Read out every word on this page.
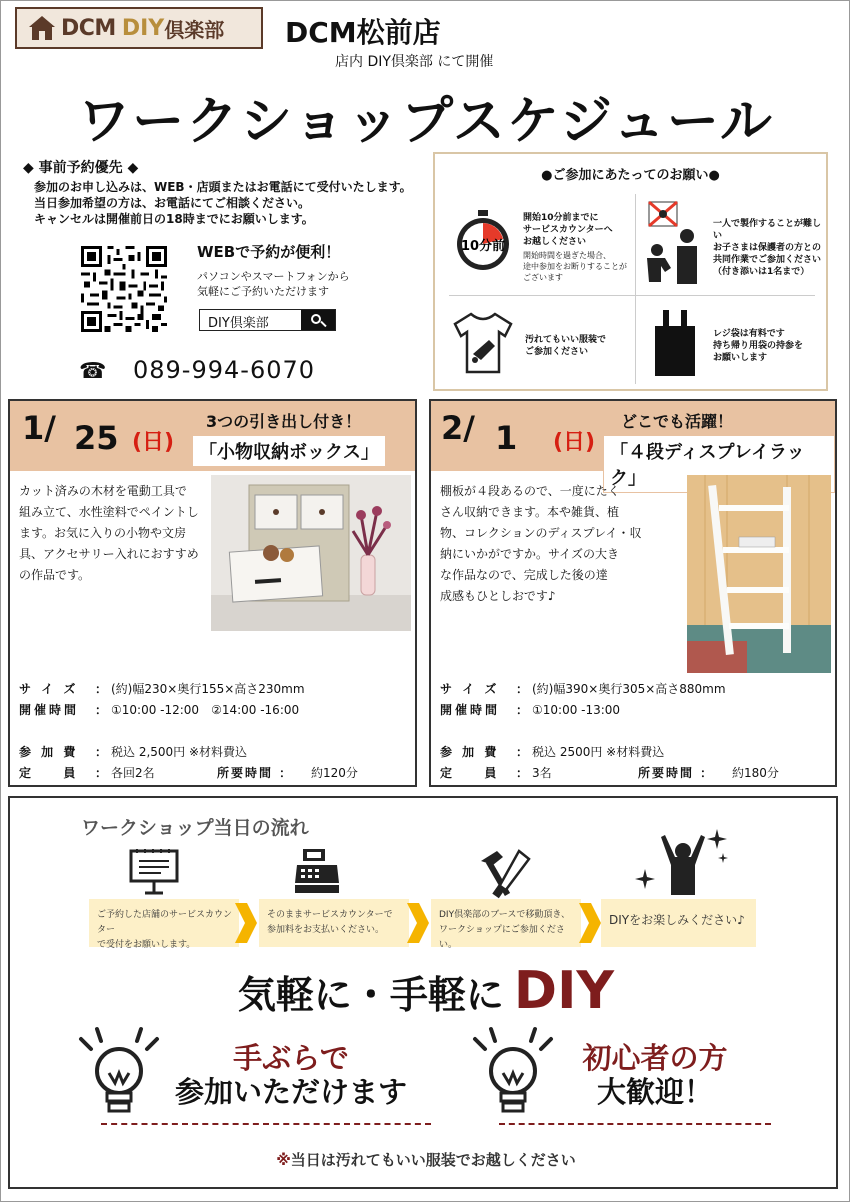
DCM DIY 倶楽部 DCM松前店
店内 DIY倶楽部 にて開催
ワークショップスケジュール
◆ 事前予約優先 ◆
参加のお申し込みは、WEB・店頭またはお電話にて受付いたします。
当日参加希望の方は、お電話にてご相談ください。
キャンセルは開催前日の18時までにお願いします。
WEBで予約が便利！
パソコンやスマートフォンから
気軽にご予約いただけます
DIY倶楽部
☎ 089-994-6070
●ご参加にあたってのお願い●
10分前
開始10分前までに
サービスカウンターへ
お越しください
開始時間を過ぎた場合、
途中参加をお断りすることが
ございます
一人で製作することが難しい
お子さまは保護者の方との
共同作業でご参加ください
（付き添いは1名まで）
汚れてもいい服装で
ご参加ください
レジ袋は有料です
持ち帰り用袋の持参を
お願いします
1/ 25 (日)
3つの引き出し付き！
「小物収納ボックス」
カット済みの木材を電動工具で
組み立て、水性塗料でペイントし
ます。お気に入りの小物や文房
具、アクセサリー入れにおすすめ
の作品です。
サ イ ズ ： (約)幅230×奥行155×高さ230mm
開催時間 ： ①10:00 -12:00　②14:00 -16:00
参 加 費 ： 税込 2,500円 ※材料費込
定 　 員 ： 各回2名	所要時間 ： 約120分
2/ 1 (日)
どこでも活躍！
「４段ディスプレイラック」
棚板が４段あるので、一度にたく
さん収納できます。本や雑貨、植
物、コレクションのディスプレイ・収
納にいかがですか。サイズの大き
な作品なので、完成した後の達
成感もひとしおです♪
サ イ ズ ： (約)幅390×奥行305×高さ880mm
開催時間 ： ①10:00 -13:00
参 加 費 ： 税込 2500円 ※材料費込
定 　 員 ： 3名	所要時間 ： 約180分
ワークショップ当日の流れ
ご予約した店舗のサービスカウンター
で受付をお願いします。
そのままサービスカウンターで
参加料をお支払いください。
DIY倶楽部のブースで移動頂き、
ワークショップにご参加ください。
DIYをお楽しみください♪
気軽に・手軽に DIY
手ぶらで
参加いただけます
初心者の方
大歓迎！
※当日は汚れてもいい服装でお越しください
